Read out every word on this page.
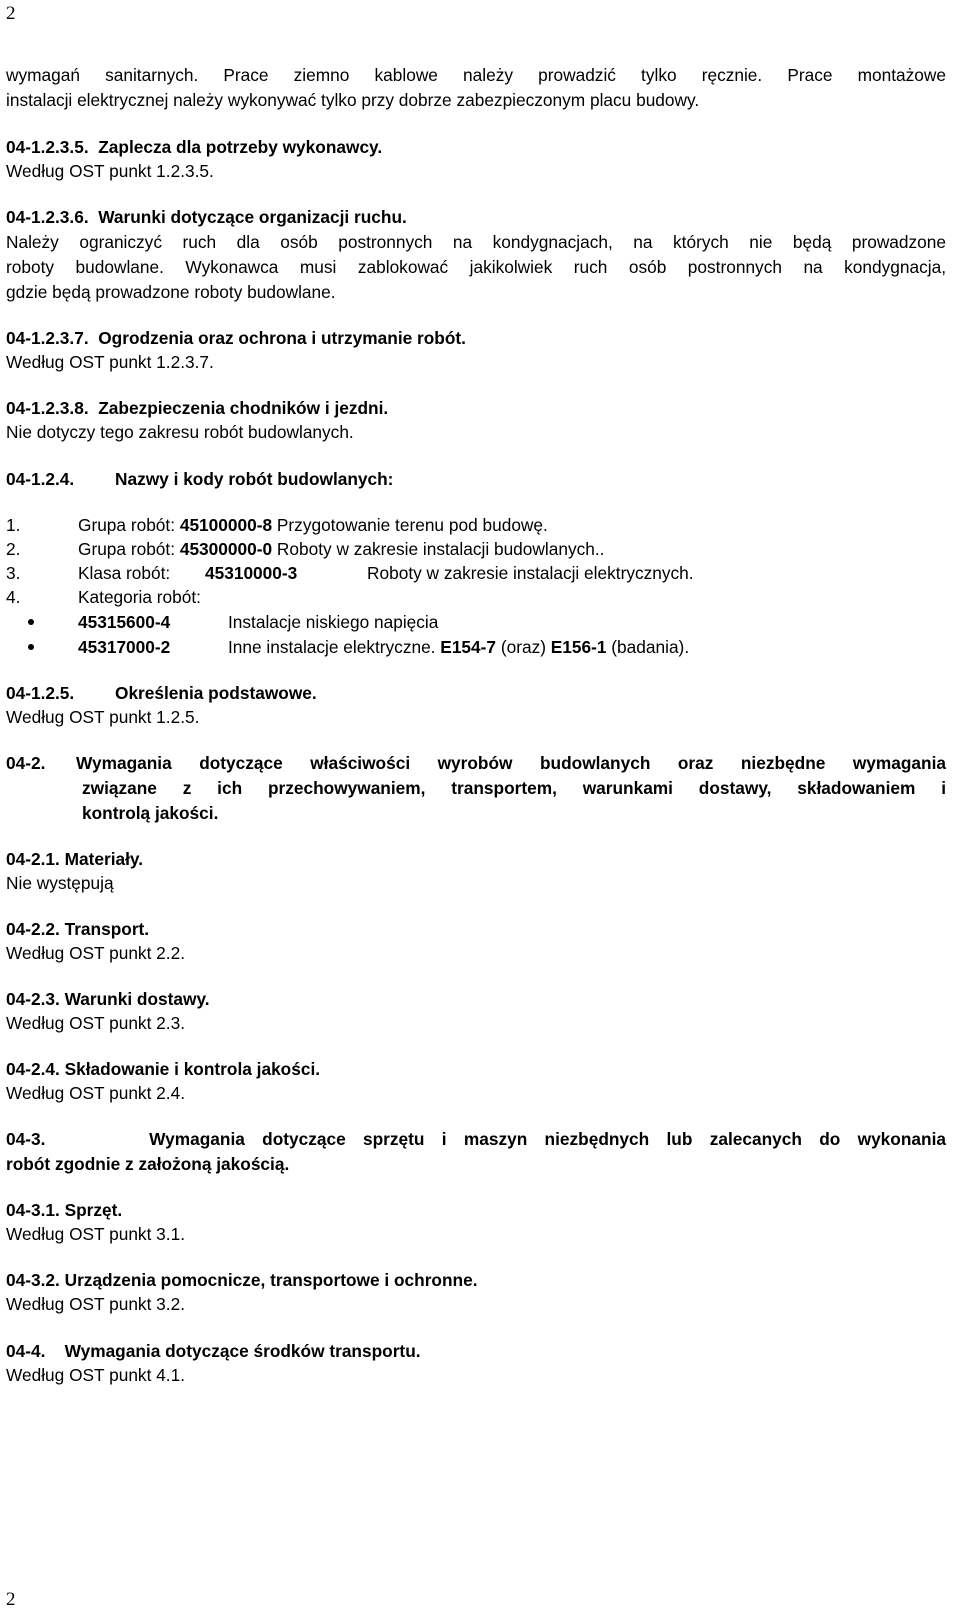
2
wymagań sanitarnych. Prace ziemno kablowe należy prowadzić tylko ręcznie. Prace montażowe
instalacji elektrycznej należy wykonywać tylko przy dobrze zabezpieczonym placu budowy.
04-1.2.3.5.  Zaplecza dla potrzeby wykonawcy.
Według OST punkt 1.2.3.5.
04-1.2.3.6.  Warunki dotyczące organizacji ruchu.
Należy ograniczyć ruch dla osób postronnych na kondygnacjach, na których nie będą prowadzone
roboty budowlane. Wykonawca musi zablokować jakikolwiek ruch osób postronnych na kondygnacja,
gdzie będą prowadzone roboty budowlane.
04-1.2.3.7.  Ogrodzenia oraz ochrona i utrzymanie robót.
Według OST punkt 1.2.3.7.
04-1.2.3.8.  Zabezpieczenia chodników i jezdni.
Nie dotyczy tego zakresu robót budowlanych.
04-1.2.4. Nazwy i kody robót budowlanych:
1.	Grupa robót: 45100000-8 Przygotowanie terenu pod budowę.
2.	Grupa robót: 45300000-0 Roboty w zakresie instalacji budowlanych..
3.	Klasa robót: 45310000-3	Roboty w zakresie instalacji elektrycznych.
4.	Kategoria robót:
45315600-4	Instalacje niskiego napięcia
45317000-2	Inne instalacje elektryczne. E154-7 (oraz) E156-1 (badania).
04-1.2.5. Określenia podstawowe.
Według OST punkt 1.2.5.
04-2. Wymagania dotyczące właściwości wyrobów budowlanych oraz niezbędne wymagania
związane z ich przechowywaniem, transportem, warunkami dostawy, składowaniem i
kontrolą jakości.
04-2.1. Materiały.
Nie występują
04-2.2. Transport.
Według OST punkt 2.2.
04-2.3. Warunki dostawy.
Według OST punkt 2.3.
04-2.4. Składowanie i kontrola jakości.
Według OST punkt 2.4.
04-3.      Wymagania dotyczące sprzętu i maszyn niezbędnych lub zalecanych do wykonania
robót zgodnie z założoną jakością.
04-3.1. Sprzęt.
Według OST punkt 3.1.
04-3.2. Urządzenia pomocnicze, transportowe i ochronne.
Według OST punkt 3.2.
04-4.    Wymagania dotyczące środków transportu.
Według OST punkt 4.1.
2
